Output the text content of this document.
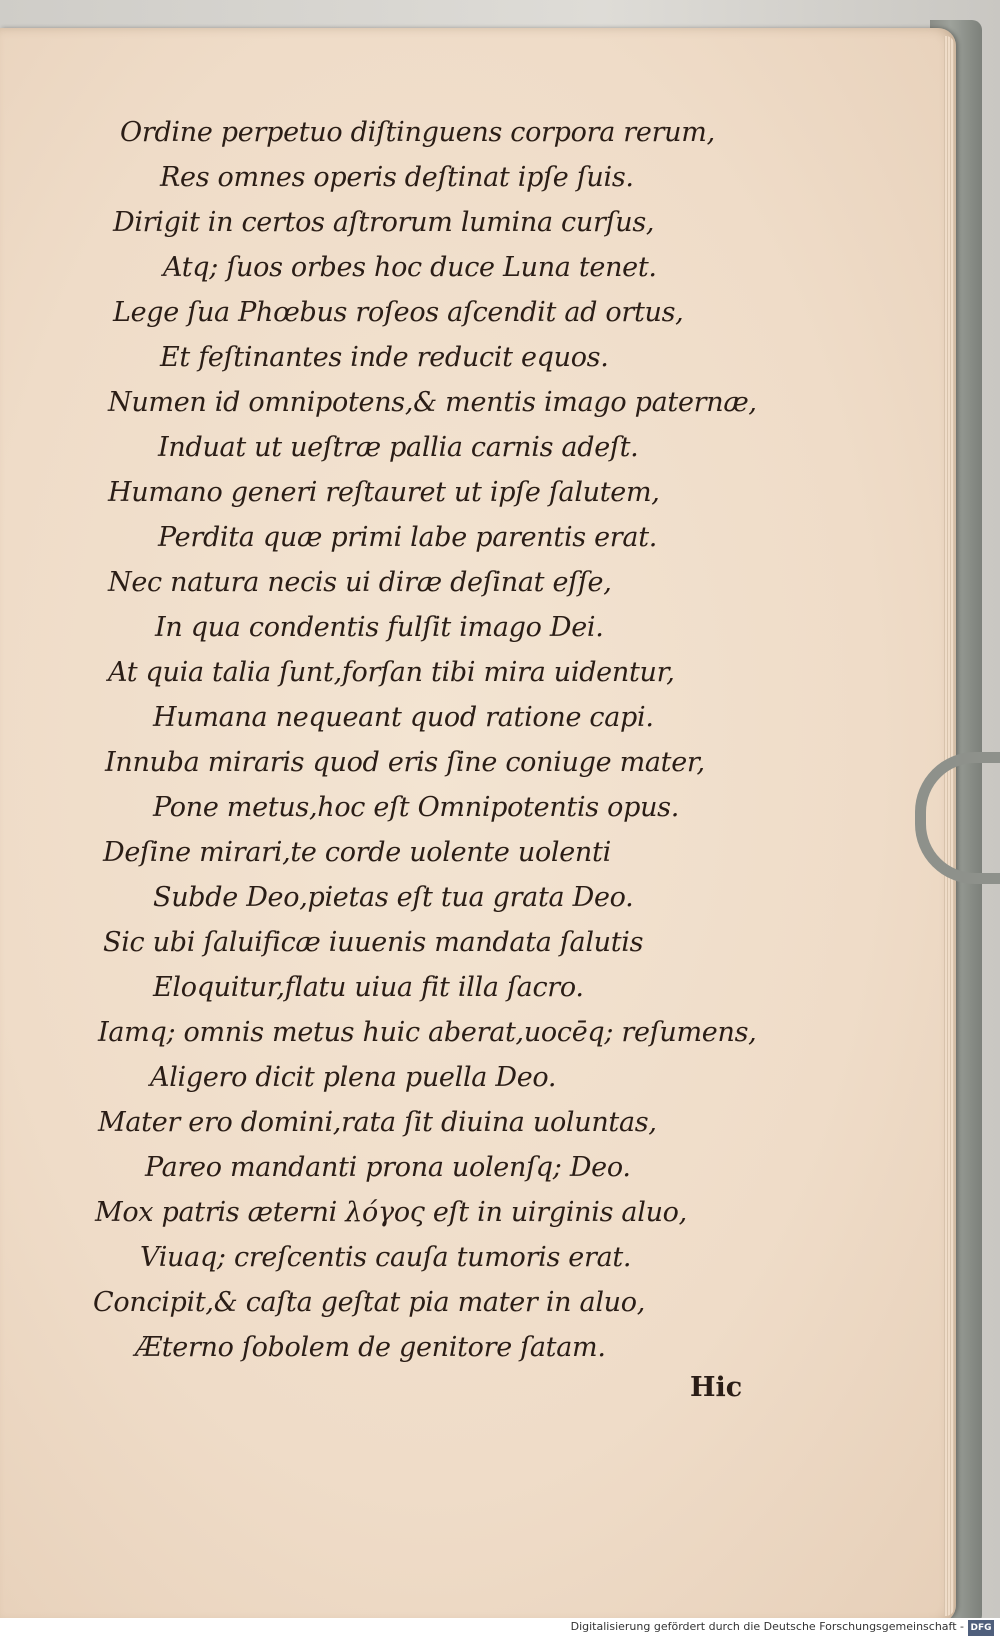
Ordine perpetuo diſtinguens corpora rerum,
Res omnes operis deſtinat ipſe ſuis.
Dirigit in certos aſtrorum lumina curſus,
Atq; ſuos orbes hoc duce Luna tenet.
Lege ſua Phœbus roſeos aſcendit ad ortus,
Et feſtinantes inde reducit equos.
Numen id omnipotens,& mentis imago paternæ,
Induat ut ueſtræ pallia carnis adeſt.
Humano generi reſtauret ut ipſe ſalutem,
Perdita quæ primi labe parentis erat.
Nec natura necis ui diræ deſinat eſſe,
In qua condentis fulſit imago Dei.
At quia talia ſunt,forſan tibi mira uidentur,
Humana nequeant quod ratione capi.
Innuba miraris quod eris ſine coniuge mater,
Pone metus,hoc eſt Omnipotentis opus.
Deſine mirari,te corde uolente uolenti
Subde Deo,pietas eſt tua grata Deo.
Sic ubi ſaluificæ iuuenis mandata ſalutis
Eloquitur,flatu uiua fit illa ſacro.
Iamq; omnis metus huic aberat,uocēq; reſumens,
Aligero dicit plena puella Deo.
Mater ero domini,rata ſit diuina uoluntas,
Pareo mandanti prona uolenſq; Deo.
Mox patris æterni λόγος eſt in uirginis aluo,
Viuaq; creſcentis cauſa tumoris erat.
Concipit,& caſta geſtat pia mater in aluo,
Æterno ſobolem de genitore ſatam.
Hic
Digitalisierung gefördert durch die Deutsche Forschungsgemeinschaft - DFG
